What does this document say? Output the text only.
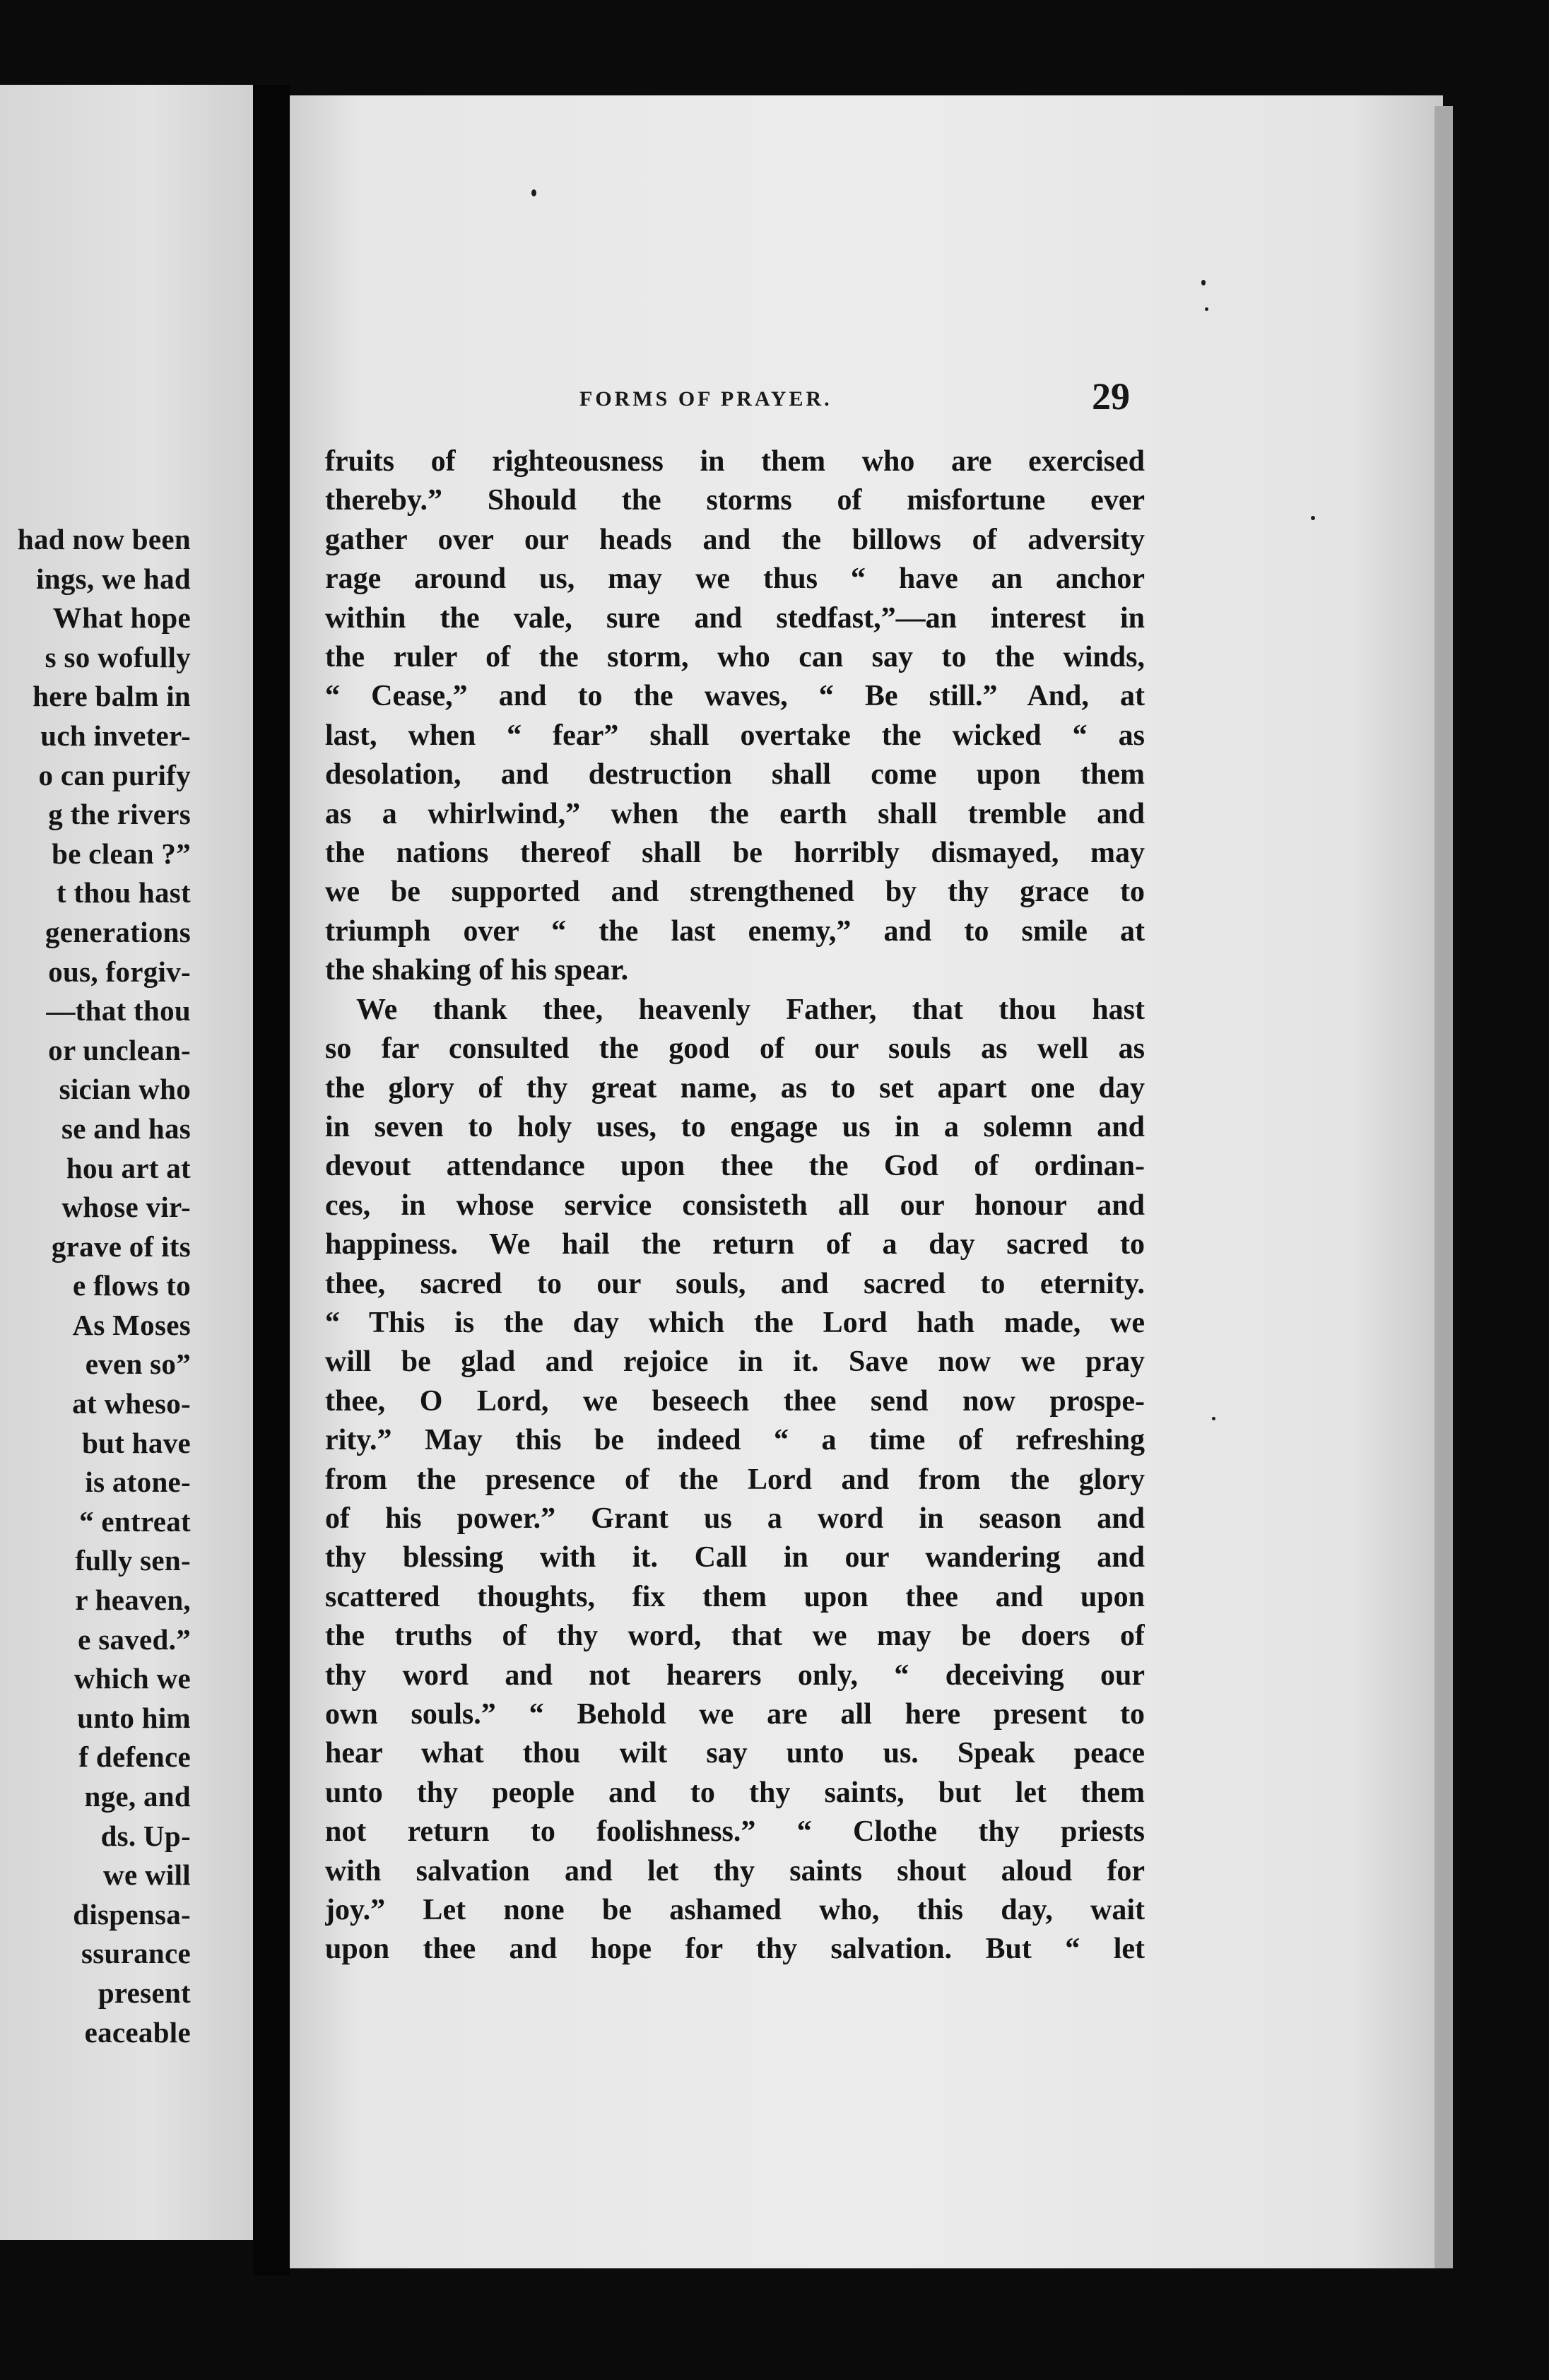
had now been
ings, we had
What hope
s so wofully
here balm in
uch inveter-
o can purify
g the rivers
be clean ?”
t thou hast
generations
ous, forgiv-
—that thou
or unclean-
sician who
se and has
hou art at
whose vir-
grave of its
e flows to
As Moses
even so”
at wheso-
but have
is atone-
“ entreat
fully sen-
r heaven,
e saved.”
which we
unto him
f defence
nge, and
ds. Up-
we will
dispensa-
ssurance
present
eaceable
FORMS OF PRAYER.	29
fruits of righteousness in them who are exercised
thereby.” Should the storms of misfortune ever
gather over our heads and the billows of adversity
rage around us, may we thus “ have an anchor
within the vale, sure and stedfast,”—an interest in
the ruler of the storm, who can say to the winds,
“ Cease,” and to the waves, “ Be still.” And, at
last, when “ fear” shall overtake the wicked “ as
desolation, and destruction shall come upon them
as a whirlwind,” when the earth shall tremble and
the nations thereof shall be horribly dismayed, may
we be supported and strengthened by thy grace to
triumph over “ the last enemy,” and to smile at
the shaking of his spear.
We thank thee, heavenly Father, that thou hast
so far consulted the good of our souls as well as
the glory of thy great name, as to set apart one day
in seven to holy uses, to engage us in a solemn and
devout attendance upon thee the God of ordinan-
ces, in whose service consisteth all our honour and
happiness. We hail the return of a day sacred to
thee, sacred to our souls, and sacred to eternity.
“ This is the day which the Lord hath made, we
will be glad and rejoice in it. Save now we pray
thee, O Lord, we beseech thee send now prospe-
rity.” May this be indeed “ a time of refreshing
from the presence of the Lord and from the glory
of his power.” Grant us a word in season and
thy blessing with it. Call in our wandering and
scattered thoughts, fix them upon thee and upon
the truths of thy word, that we may be doers of
thy word and not hearers only, “ deceiving our
own souls.” “ Behold we are all here present to
hear what thou wilt say unto us. Speak peace
unto thy people and to thy saints, but let them
not return to foolishness.” “ Clothe thy priests
with salvation and let thy saints shout aloud for
joy.” Let none be ashamed who, this day, wait
upon thee and hope for thy salvation. But “ let
